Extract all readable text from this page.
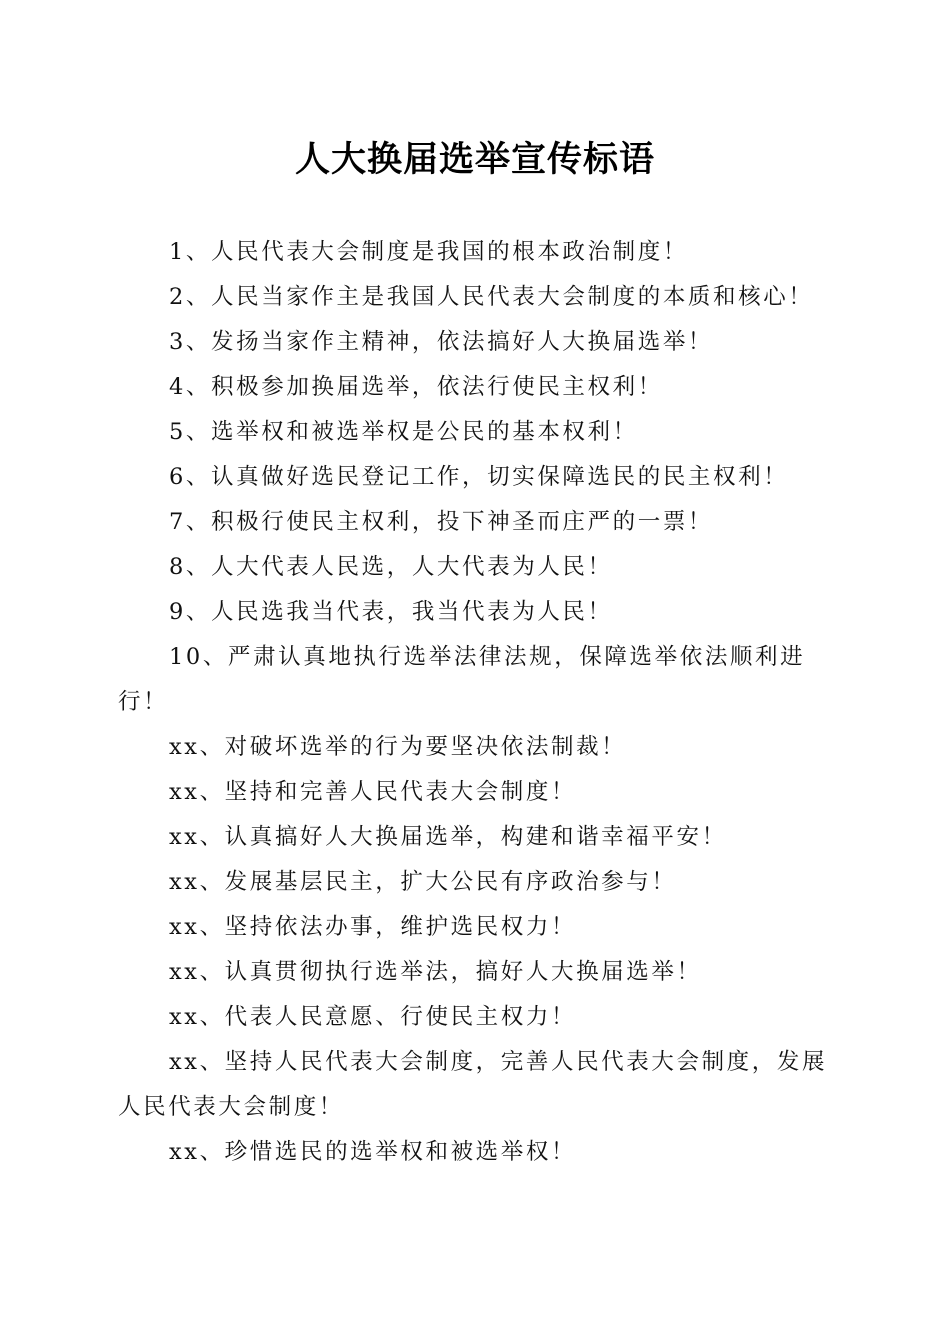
人大换届选举宣传标语

1、人民代表大会制度是我国的根本政治制度！

2、人民当家作主是我国人民代表大会制度的本质和核心！

3、发扬当家作主精神，依法搞好人大换届选举！

4、积极参加换届选举，依法行使民主权利！

5、选举权和被选举权是公民的基本权利！

6、认真做好选民登记工作，切实保障选民的民主权利！

7、积极行使民主权利，投下神圣而庄严的一票！

8、人大代表人民选，人大代表为人民！

9、人民选我当代表，我当代表为人民！

10、严肃认真地执行选举法律法规，保障选举依法顺利进行！

xx、对破坏选举的行为要坚决依法制裁！

xx、坚持和完善人民代表大会制度！

xx、认真搞好人大换届选举，构建和谐幸福平安！

xx、发展基层民主，扩大公民有序政治参与！

xx、坚持依法办事，维护选民权力！

xx、认真贯彻执行选举法，搞好人大换届选举！

xx、代表人民意愿、行使民主权力！

xx、坚持人民代表大会制度，完善人民代表大会制度，发展人民代表大会制度！

xx、珍惜选民的选举权和被选举权！
